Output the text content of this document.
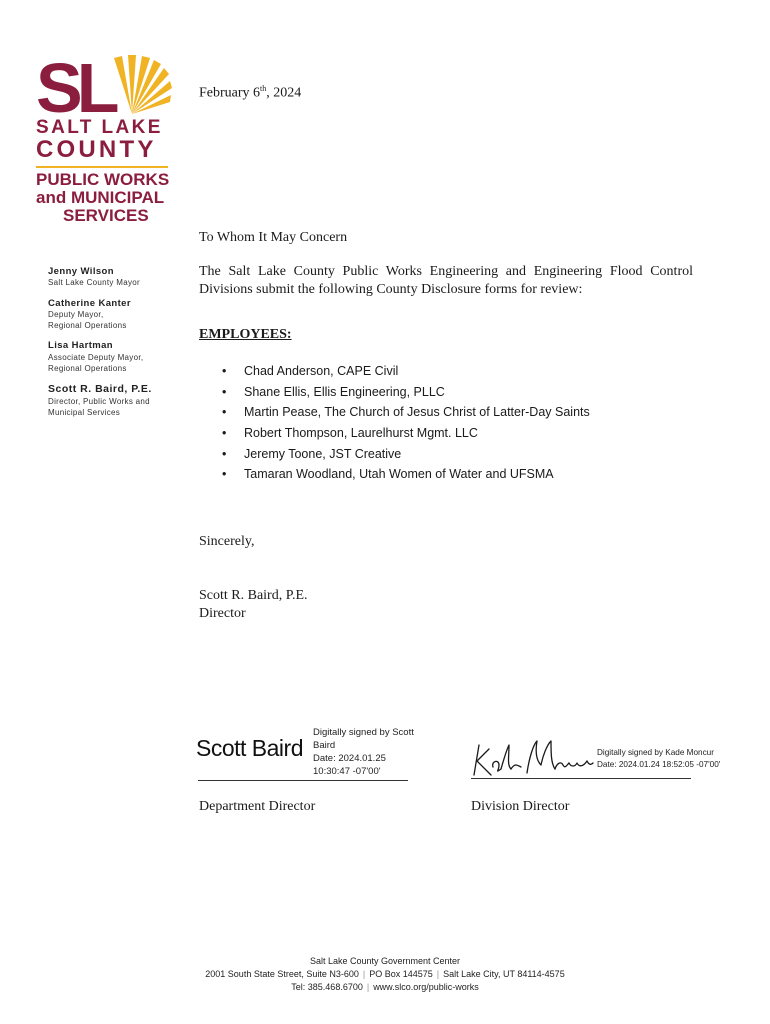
SL
SALT LAKE
COUNTY
PUBLIC WORKS
and MUNICIPAL
SERVICES
Jenny Wilson
Salt Lake County Mayor
Catherine Kanter
Deputy Mayor,
Regional Operations
Lisa Hartman
Associate Deputy Mayor,
Regional Operations
Scott R. Baird, P.E.
Director, Public Works and
Municipal Services
February 6th, 2024
To Whom It May Concern
The Salt Lake County Public Works Engineering and Engineering Flood Control Divisions submit the following County Disclosure forms for review:
EMPLOYEES:
• Chad Anderson, CAPE Civil
• Shane Ellis, Ellis Engineering, PLLC
• Martin Pease, The Church of Jesus Christ of Latter-Day Saints
• Robert Thompson, Laurelhurst Mgmt. LLC
• Jeremy Toone, JST Creative
• Tamaran Woodland, Utah Women of Water and UFSMA
Sincerely,
Scott R. Baird, P.E.
Director
Scott Baird
Digitally signed by Scott
Baird
Date: 2024.01.25
10:30:47 -07'00'
Department Director
Digitally signed by Kade Moncur
Date: 2024.01.24 18:52:05 -07'00'
Division Director
Salt Lake County Government Center
2001 South State Street, Suite N3-600 | PO Box 144575 | Salt Lake City, UT 84114-4575
Tel: 385.468.6700 | www.slco.org/public-works
